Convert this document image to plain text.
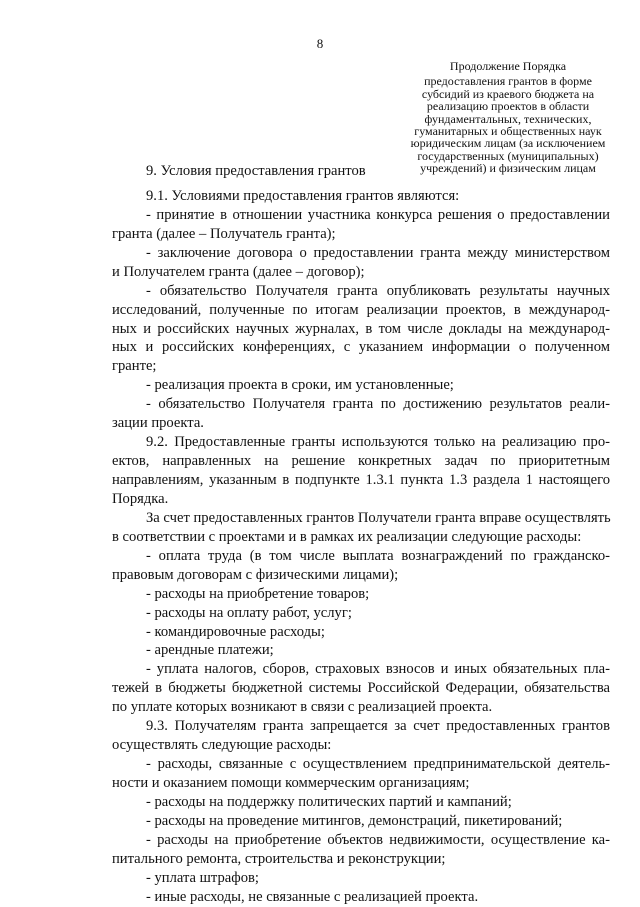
8
Продолжение Порядка
предоставления грантов в форме
субсидий из краевого бюджета на
реализацию проектов в области
фундаментальных, технических,
гуманитарных и общественных наук
юридическим лицам (за исключением
государственных (муниципальных)
учреждений) и физическим лицам
9. Условия предоставления грантов
9.1. Условиями предоставления грантов являются:
- принятие в отношении участника конкурса решения о предоставлении
гранта (далее – Получатель гранта);
- заключение договора о предоставлении гранта между министерством
и Получателем гранта (далее – договор);
- обязательство Получателя гранта опубликовать результаты научных
исследований, полученные по итогам реализации проектов, в международ-
ных и российских научных журналах, в том числе доклады на международ-
ных и российских конференциях, с указанием информации о полученном
гранте;
- реализация проекта в сроки, им установленные;
- обязательство Получателя гранта по достижению результатов реали-
зации проекта.
9.2. Предоставленные гранты используются только на реализацию про-
ектов, направленных на решение конкретных задач по приоритетным
направлениям, указанным в подпункте 1.3.1 пункта 1.3 раздела 1 настоящего
Порядка.
За счет предоставленных грантов Получатели гранта вправе осуществлять
в соответствии с проектами и в рамках их реализации следующие расходы:
- оплата труда (в том числе выплата вознаграждений по гражданско-
правовым договорам с физическими лицами);
- расходы на приобретение товаров;
- расходы на оплату работ, услуг;
- командировочные расходы;
- арендные платежи;
- уплата налогов, сборов, страховых взносов и иных обязательных пла-
тежей в бюджеты бюджетной системы Российской Федерации, обязательства
по уплате которых возникают в связи с реализацией проекта.
9.3. Получателям гранта запрещается за счет предоставленных грантов
осуществлять следующие расходы:
- расходы, связанные с осуществлением предпринимательской деятель-
ности и оказанием помощи коммерческим организациям;
- расходы на поддержку политических партий и кампаний;
- расходы на проведение митингов, демонстраций, пикетирований;
- расходы на приобретение объектов недвижимости, осуществление ка-
питального ремонта, строительства и реконструкции;
- уплата штрафов;
- иные расходы, не связанные с реализацией проекта.
